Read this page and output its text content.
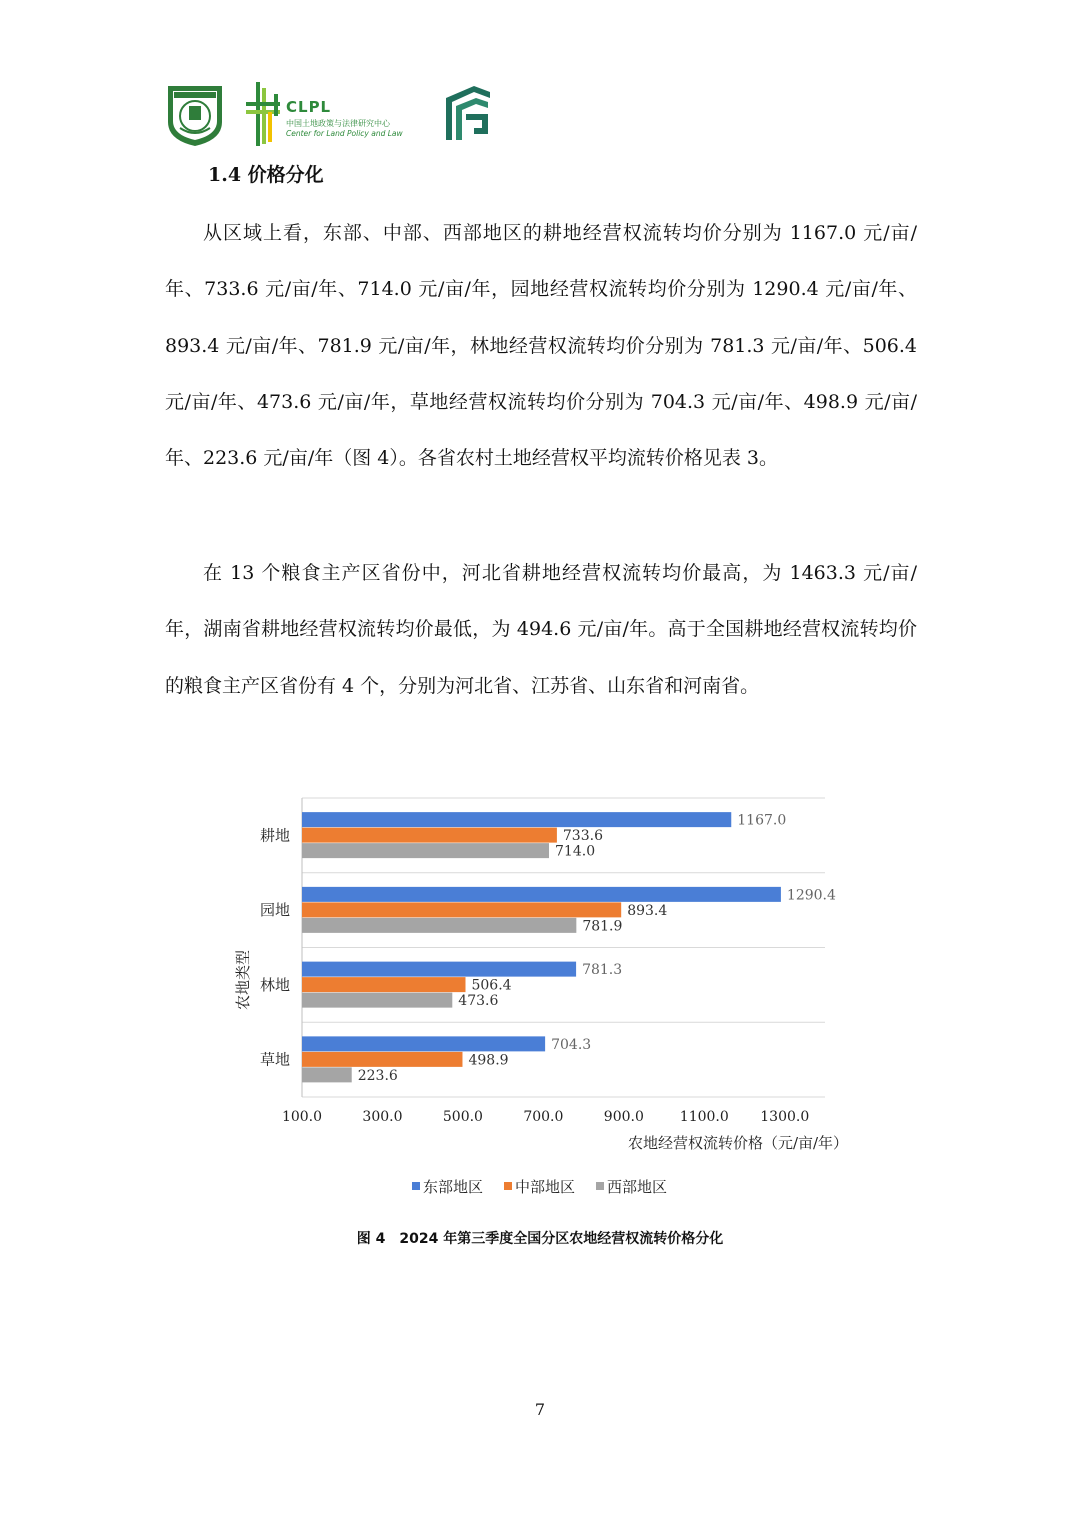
CLPL
中国土地政策与法律研究中心
Center for Land Policy and Law
1.4 价格分化

从区域上看，东部、中部、西部地区的耕地经营权流转均价分别为 1167.0 元/亩/年、733.6 元/亩/年、714.0 元/亩/年，园地经营权流转均价分别为 1290.4 元/亩/年、893.4 元/亩/年、781.9 元/亩/年，林地经营权流转均价分别为 781.3 元/亩/年、506.4 元/亩/年、473.6 元/亩/年，草地经营权流转均价分别为 704.3 元/亩/年、498.9 元/亩/年、223.6 元/亩/年（图 4）。各省农村土地经营权平均流转价格见表 3。

在 13 个粮食主产区省份中，河北省耕地经营权流转均价最高，为 1463.3 元/亩/年，湖南省耕地经营权流转均价最低，为 494.6 元/亩/年。高于全国耕地经营权流转均价的粮食主产区省份有 4 个，分别为河北省、江苏省、山东省和河南省。

1167.0
733.6
714.0
1290.4
893.4
781.9
781.3
506.4
473.6
704.3
498.9
223.6
耕地
园地
林地
草地
100.0	300.0	500.0	700.0	900.0	1100.0 1300.0
农地类型
农地经营权流转价格（元/亩/年）
东部地区 中部地区 西部地区
图 4　2024 年第三季度全国分区农地经营权流转价格分化
7
